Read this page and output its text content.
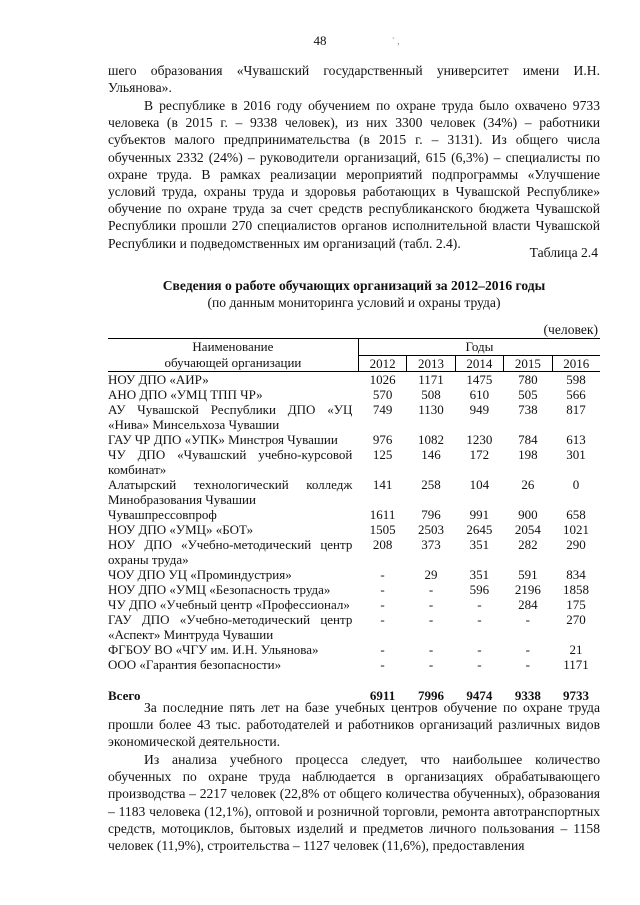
48	` ,

шего образования «Чувашский государственный университет имени И.Н. Ульянова».

В республике в 2016 году обучением по охране труда было охвачено 9733 человека (в 2015 г. – 9338 человек), из них 3300 человек (34%) – работники субъектов малого предпринимательства (в 2015 г. – 3131). Из общего числа обученных 2332 (24%) – руководители организаций, 615 (6,3%) – специалисты по охране труда. В рамках реализации мероприятий подпрограммы «Улучшение условий труда, охраны труда и здоровья работающих в Чувашской Республике» обучение по охране труда за счет средств республиканского бюджета Чувашской Республики прошли 270 специалистов органов исполнительной власти Чувашской Республики и подведомственных им организаций (табл. 2.4).

Таблица 2.4
Сведения о работе обучающих организаций за 2012–2016 годы
(по данным мониторинга условий и охраны труда)
(человек)
Наименование
обучающей организации	Годы				
	2012	2013	2014	2015	2016
НОУ ДПО «АИР»	1026	1171	1475	780	598
АНО ДПО «УМЦ ТПП ЧР»	570	508	610	505	566
АУ Чувашской Республики ДПО «УЦ «Нива» Минсельхоза Чувашии	749	1130	949	738	817
ГАУ ЧР ДПО «УПК» Минстроя Чувашии	976	1082	1230	784	613
ЧУ ДПО «Чувашский учебно-курсовой комбинат»	125	146	172	198	301
Алатырский технологический колледж Минобразования Чувашии	141	258	104	26	0
Чувашпрессовпроф	1611	796	991	900	658
НОУ ДПО «УМЦ» «БОТ»	1505	2503	2645	2054	1021
НОУ ДПО «Учебно-методический центр охраны труда»	208	373	351	282	290
ЧОУ ДПО УЦ «Проминдустрия»	-	29	351	591	834
НОУ ДПО «УМЦ «Безопасность труда»	-	-	596	2196	1858
ЧУ ДПО «Учебный центр «Профессионал»	-	-	-	284	175
ГАУ ДПО «Учебно-методический центр «Аспект» Минтруда Чувашии	-	-	-	-	270
ФГБОУ ВО «ЧГУ им. И.Н. Ульянова»	-	-	-	-	21
ООО «Гарантия безопасности»	-	-	-	-	1171
Всего	6911	7996	9474	9338	9733

За последние пять лет на базе учебных центров обучение по охране труда прошли более 43 тыс. работодателей и работников организаций различных видов экономической деятельности.

Из анализа учебного процесса следует, что наибольшее количество обученных по охране труда наблюдается в организациях обрабатывающего производства – 2217 человек (22,8% от общего количества обученных), образования – 1183 человека (12,1%), оптовой и розничной торговли, ремонта автотранспортных средств, мотоциклов, бытовых изделий и предметов личного пользования – 1158 человек (11,9%), строительства – 1127 человек (11,6%), предоставления
